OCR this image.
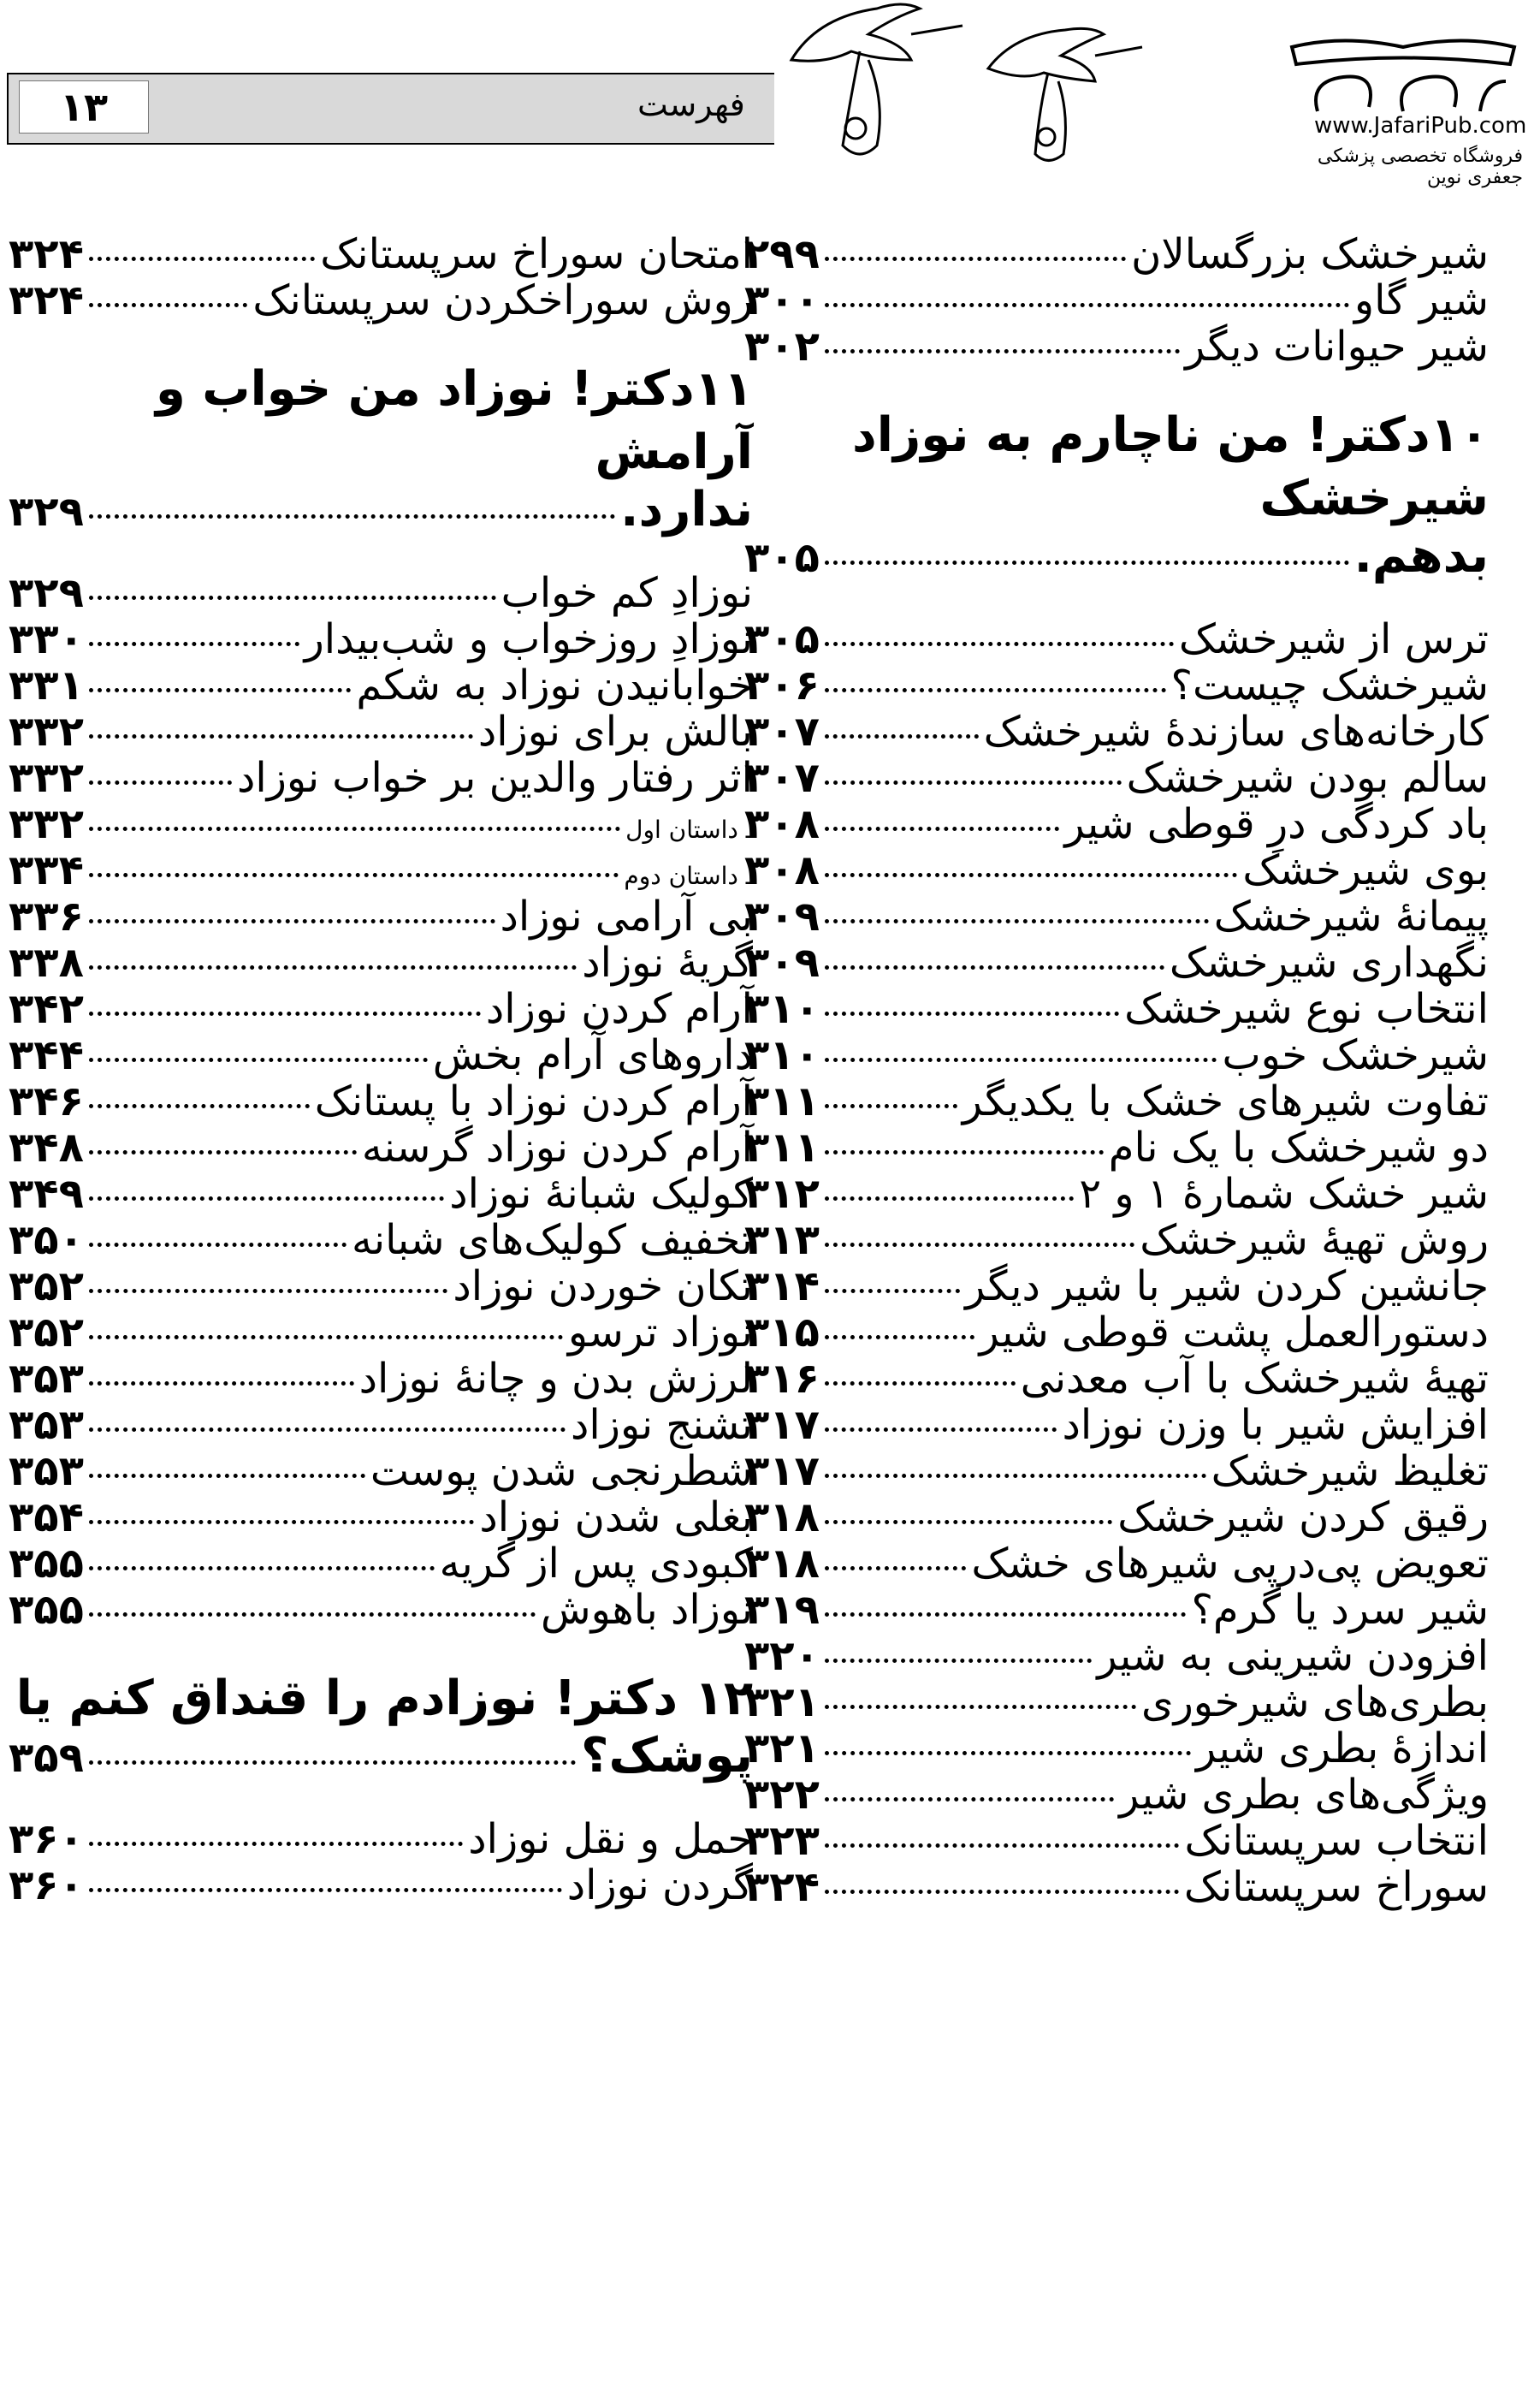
۱۳	فهرست
www.JafariPub.com
فروشگاه تخصصی پزشکی جعفری نوین
شیرخشک بزرگسالان
۲۹۹
شیر گاو
۳۰۰
شیر حیوانات دیگر
۳۰۲
۱۰دکتر! من ناچارم به نوزاد شیرخشک
بدهم.
۳۰۵
ترس از شیرخشک
۳۰۵
شیرخشک چیست؟
۳۰۶
کارخانه‌های سازندهٔ شیرخشک
۳۰۷
سالم بودن شیرخشک
۳۰۷
باد کردگی درِ قوطی شیر
۳۰۸
بوی شیرخشک
۳۰۸
پیمانهٔ شیرخشک
۳۰۹
نگهداری شیرخشک
۳۰۹
انتخاب نوع شیرخشک
۳۱۰
شیرخشک خوب
۳۱۰
تفاوت شیرهای خشک با یکدیگر
۳۱۱
دو شیرخشک با یک نام
۳۱۱
شیر خشک شمارهٔ ۱ و ۲
۳۱۲
روش تهیهٔ شیرخشک
۳۱۳
جانشین کردن شیر با شیر دیگر
۳۱۴
دستورالعمل پشت قوطی شیر
۳۱۵
تهیهٔ شیرخشک با آب معدنی
۳۱۶
افزایش شیر با وزن نوزاد
۳۱۷
تغلیظ شیرخشک
۳۱۷
رقیق کردن شیرخشک
۳۱۸
تعویض پی‌درپی شیرهای خشک
۳۱۸
شیر سرد یا گرم؟
۳۱۹
افزودن شیرینی به شیر
۳۲۰
بطری‌های شیرخوری
۳۲۱
اندازهٔ بطری شیر
۳۲۱
ویژگی‌های بطری شیر
۳۲۲
انتخاب سرپستانک
۳۲۳
سوراخ سرپستانک
۳۲۴
امتحان سوراخ سرپستانک
۳۲۴
روش سوراخکردن سرپستانک
۳۲۴
۱۱دکتر! نوزاد من خواب و آرامش
ندارد.
۳۲۹
نوزادِ کم خواب
۳۲۹
نوزادِ روزخواب و شب‌بیدار
۳۳۰
خوابانیدن نوزاد به شکم
۳۳۱
بالش برای نوزاد
۳۳۲
اثر رفتار والدین بر خواب نوزاد
۳۳۲
ـ داستان اول
۳۳۲
ـ داستان دوم
۳۳۴
بی آرامی نوزاد
۳۳۶
گریهٔ نوزاد
۳۳۸
آرام کردن نوزاد
۳۴۲
داروهای آرام بخش
۳۴۴
آرام کردن نوزاد با پستانک
۳۴۶
آرام کردن نوزاد گرسنه
۳۴۸
کولیک شبانهٔ نوزاد
۳۴۹
تخفیف کولیک‌های شبانه
۳۵۰
تکان خوردن نوزاد
۳۵۲
نوزاد ترسو
۳۵۲
لرزش بدن و چانهٔ نوزاد
۳۵۳
تشنج نوزاد
۳۵۳
شطرنجی شدن پوست
۳۵۳
بغلی شدن نوزاد
۳۵۴
کبودی پس از گریه
۳۵۵
نوزاد باهوش
۳۵۵
۱۲ دکتر! نوزادم را قنداق کنم یا
پوشک؟
۳۵۹
حمل و نقل نوزاد
۳۶۰
گردن نوزاد
۳۶۰
